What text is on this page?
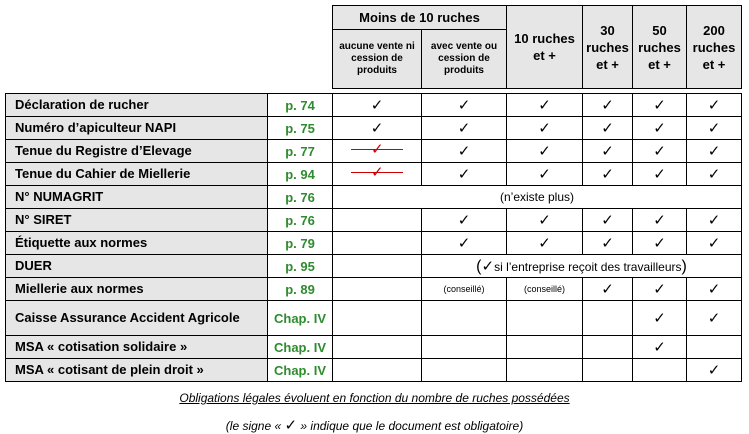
		Moins de 10 ruches		10 ruches et +	30 ruches et +	50 ruches et +	200 ruches et +
		aucune vente ni cession de produits	avec vente ou cession de produits				

Déclaration de rucher	p. 74	✓	✓	✓	✓	✓	✓
Numéro d’apiculteur NAPI	p. 75	✓	✓	✓	✓	✓	✓
Tenue du Registre d’Elevage	p. 77	✓	✓	✓	✓	✓	✓
Tenue du Cahier de Miellerie	p. 94	✓	✓	✓	✓	✓	✓
N° NUMAGRIT	p. 76	(n’existe plus)					
N° SIRET	p. 76		✓	✓	✓	✓	✓
Étiquette aux normes	p. 79		✓	✓	✓	✓	✓
DUER	p. 95		(✓si l’entreprise reçoit des travailleurs)				
Miellerie aux normes	p. 89		(conseillé)	(conseillé)	✓	✓	✓
Caisse Assurance Accident Agricole	Chap. IV					✓	✓
MSA « cotisation solidaire »	Chap. IV					✓	
MSA « cotisant de plein droit »	Chap. IV						✓
Obligations légales évoluent en fonction du nombre de ruches possédées
(le signe « ✓ » indique que le document est obligatoire)
